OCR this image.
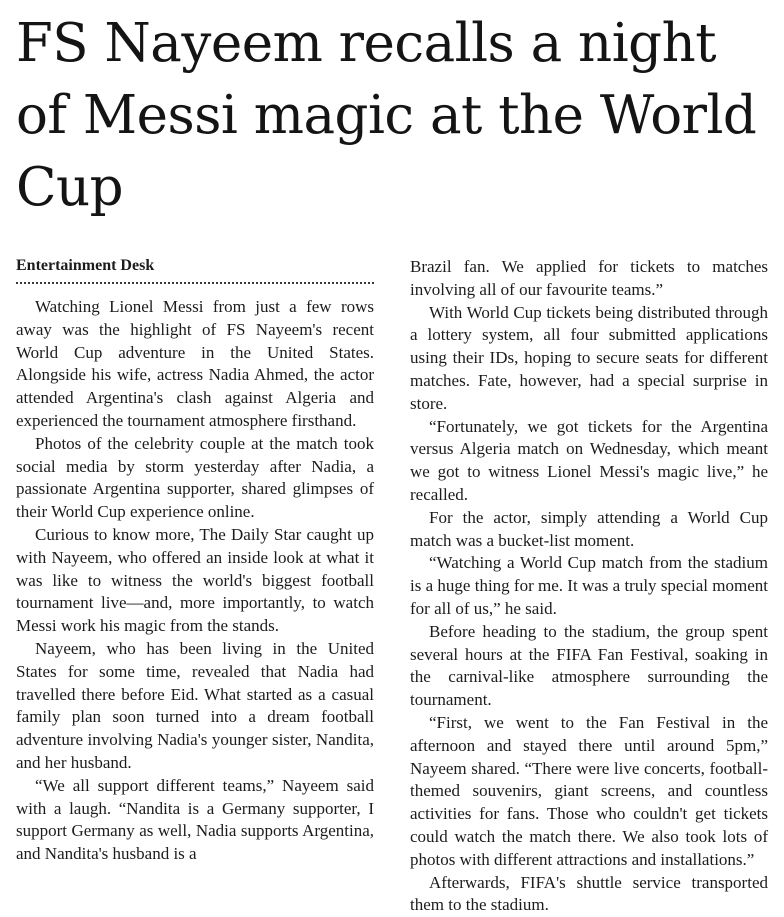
FS Nayeem recalls a night of Messi magic at the World Cup
Entertainment Desk

Watching Lionel Messi from just a few rows away was the highlight of FS Nayeem's recent World Cup adventure in the United States. Alongside his wife, actress Nadia Ahmed, the actor attended Argentina's clash against Algeria and experienced the tournament atmosphere firsthand.

Photos of the celebrity couple at the match took social media by storm yesterday after Nadia, a passionate Argentina supporter, shared glimpses of their World Cup experience online.

Curious to know more, The Daily Star caught up with Nayeem, who offered an inside look at what it was like to witness the world's biggest football tournament live—and, more importantly, to watch Messi work his magic from the stands.

Nayeem, who has been living in the United States for some time, revealed that Nadia had travelled there before Eid. What started as a casual family plan soon turned into a dream football adventure involving Nadia's younger sister, Nandita, and her husband.

“We all support different teams,” Nayeem said with a laugh. “Nandita is a Germany supporter, I support Germany as well, Nadia supports Argentina, and Nandita's husband is a

Brazil fan. We applied for tickets to matches involving all of our favourite teams.”

With World Cup tickets being distributed through a lottery system, all four submitted applications using their IDs, hoping to secure seats for different matches. Fate, however, had a special surprise in store.

“Fortunately, we got tickets for the Argentina versus Algeria match on Wednesday, which meant we got to witness Lionel Messi's magic live,” he recalled.

For the actor, simply attending a World Cup match was a bucket-list moment.

“Watching a World Cup match from the stadium is a huge thing for me. It was a truly special moment for all of us,” he said.

Before heading to the stadium, the group spent several hours at the FIFA Fan Festival, soaking in the carnival-like atmosphere surrounding the tournament.

“First, we went to the Fan Festival in the afternoon and stayed there until around 5pm,” Nayeem shared. “There were live concerts, football-themed souvenirs, giant screens, and countless activities for fans. Those who couldn't get tickets could watch the match there. We also took lots of photos with different attractions and installations.”

Afterwards, FIFA's shuttle service transported them to the stadium.
